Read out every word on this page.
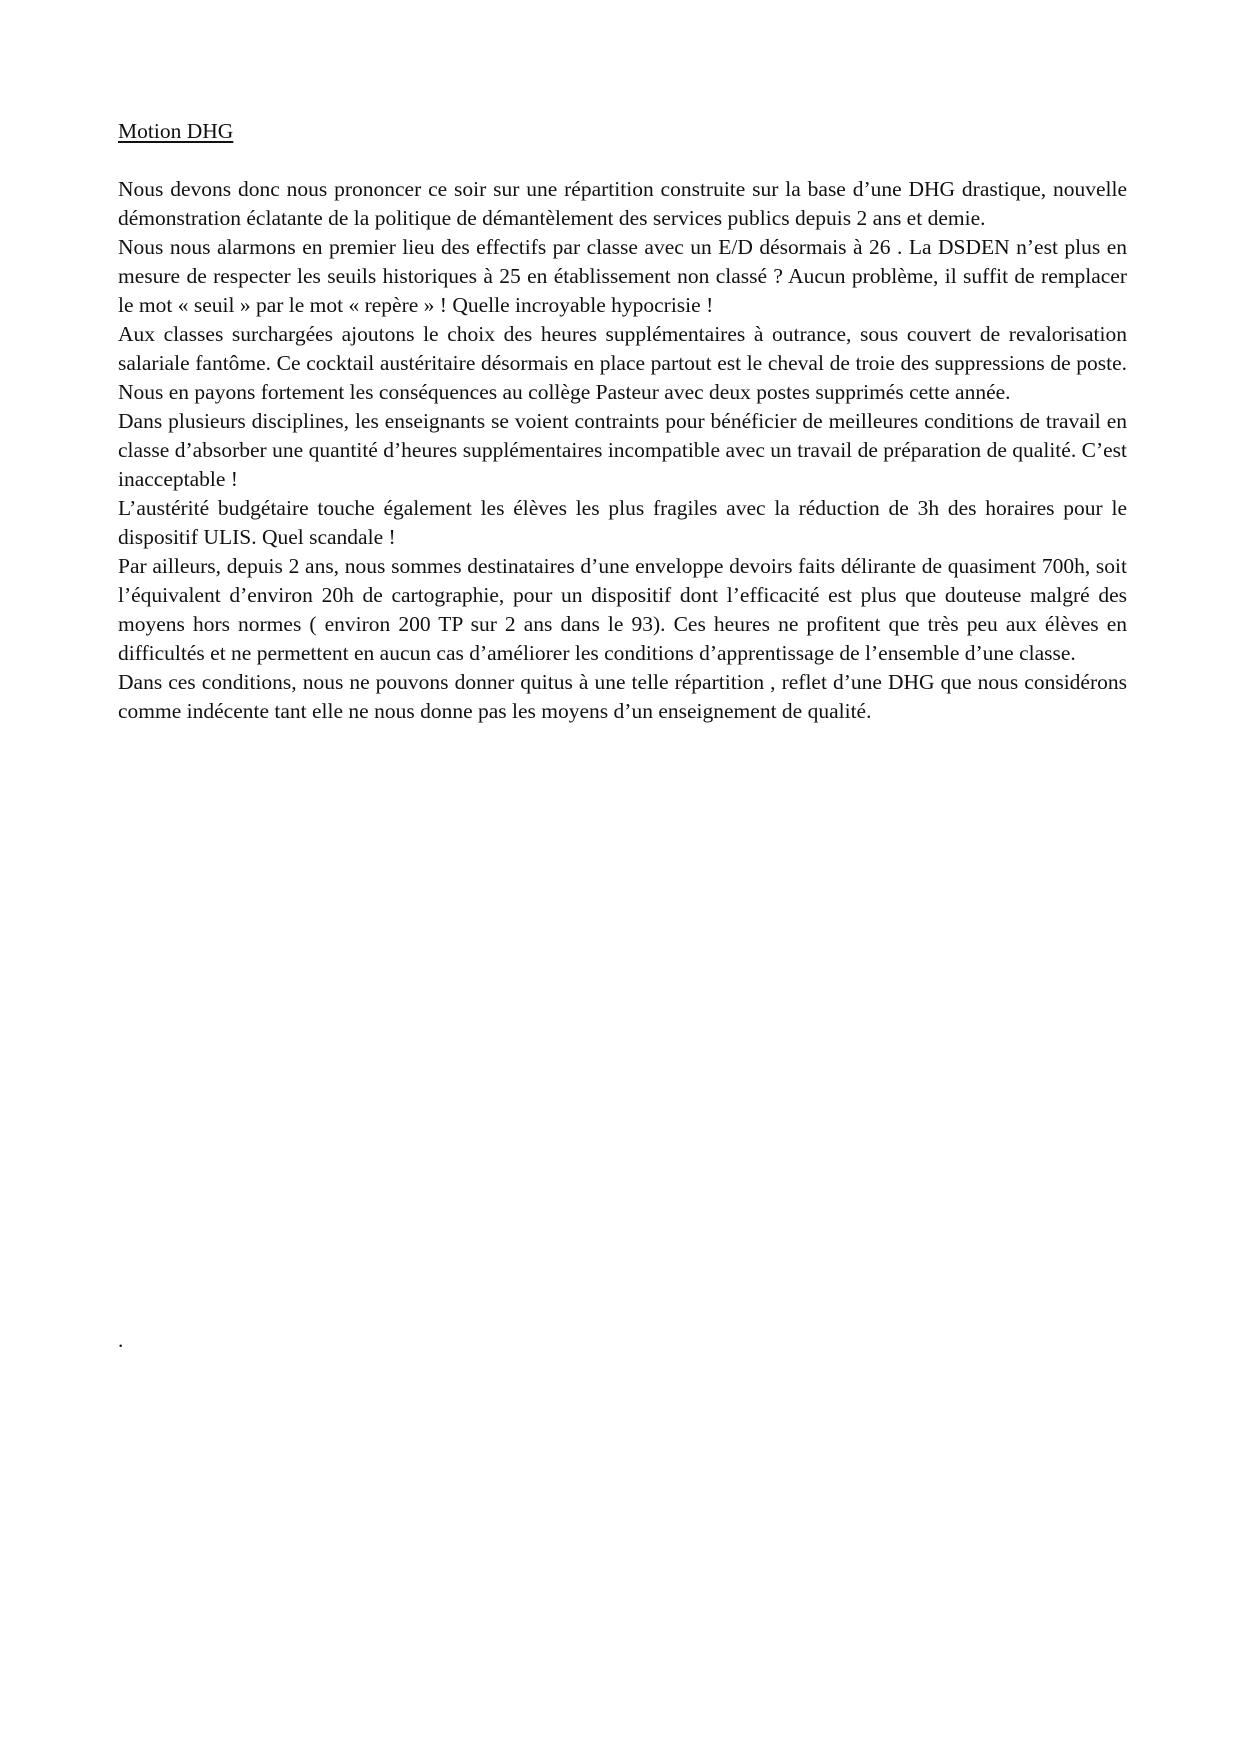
Motion DHG

Nous devons donc nous prononcer ce soir sur une répartition construite sur la base d’une DHG drastique, nouvelle démonstration éclatante de la politique de démantèlement des services publics depuis 2 ans et demie.

Nous nous alarmons en premier lieu des effectifs par classe avec un E/D désormais à 26 . La DSDEN n’est plus en mesure de respecter les seuils historiques à 25 en établissement non classé ? Aucun problème, il suffit de remplacer le mot « seuil » par le mot « repère » ! Quelle incroyable hypocrisie !

Aux classes surchargées ajoutons le choix des heures supplémentaires à outrance, sous couvert de revalorisation salariale fantôme. Ce cocktail austéritaire désormais en place partout est le cheval de troie des suppressions de poste. Nous en payons fortement les conséquences au collège Pasteur avec deux postes supprimés cette année.

Dans plusieurs disciplines, les enseignants se voient contraints pour bénéficier de meilleures conditions de travail en classe d’absorber une quantité d’heures supplémentaires incompatible avec un travail de préparation de qualité. C’est inacceptable !

L’austérité budgétaire touche également les élèves les plus fragiles avec la réduction de 3h des horaires pour le dispositif ULIS. Quel scandale !

Par ailleurs, depuis 2 ans, nous sommes destinataires d’une enveloppe devoirs faits délirante de quasiment 700h, soit l’équivalent d’environ 20h de cartographie, pour un dispositif dont l’efficacité est plus que douteuse malgré des moyens hors normes ( environ 200 TP sur 2 ans dans le 93). Ces heures ne profitent que très peu aux élèves en difficultés et ne permettent en aucun cas d’améliorer les conditions d’apprentissage de l’ensemble d’une classe.

Dans ces conditions, nous ne pouvons donner quitus à une telle répartition , reflet d’une DHG que nous considérons comme indécente tant elle ne nous donne pas les moyens d’un enseignement de qualité.

.
